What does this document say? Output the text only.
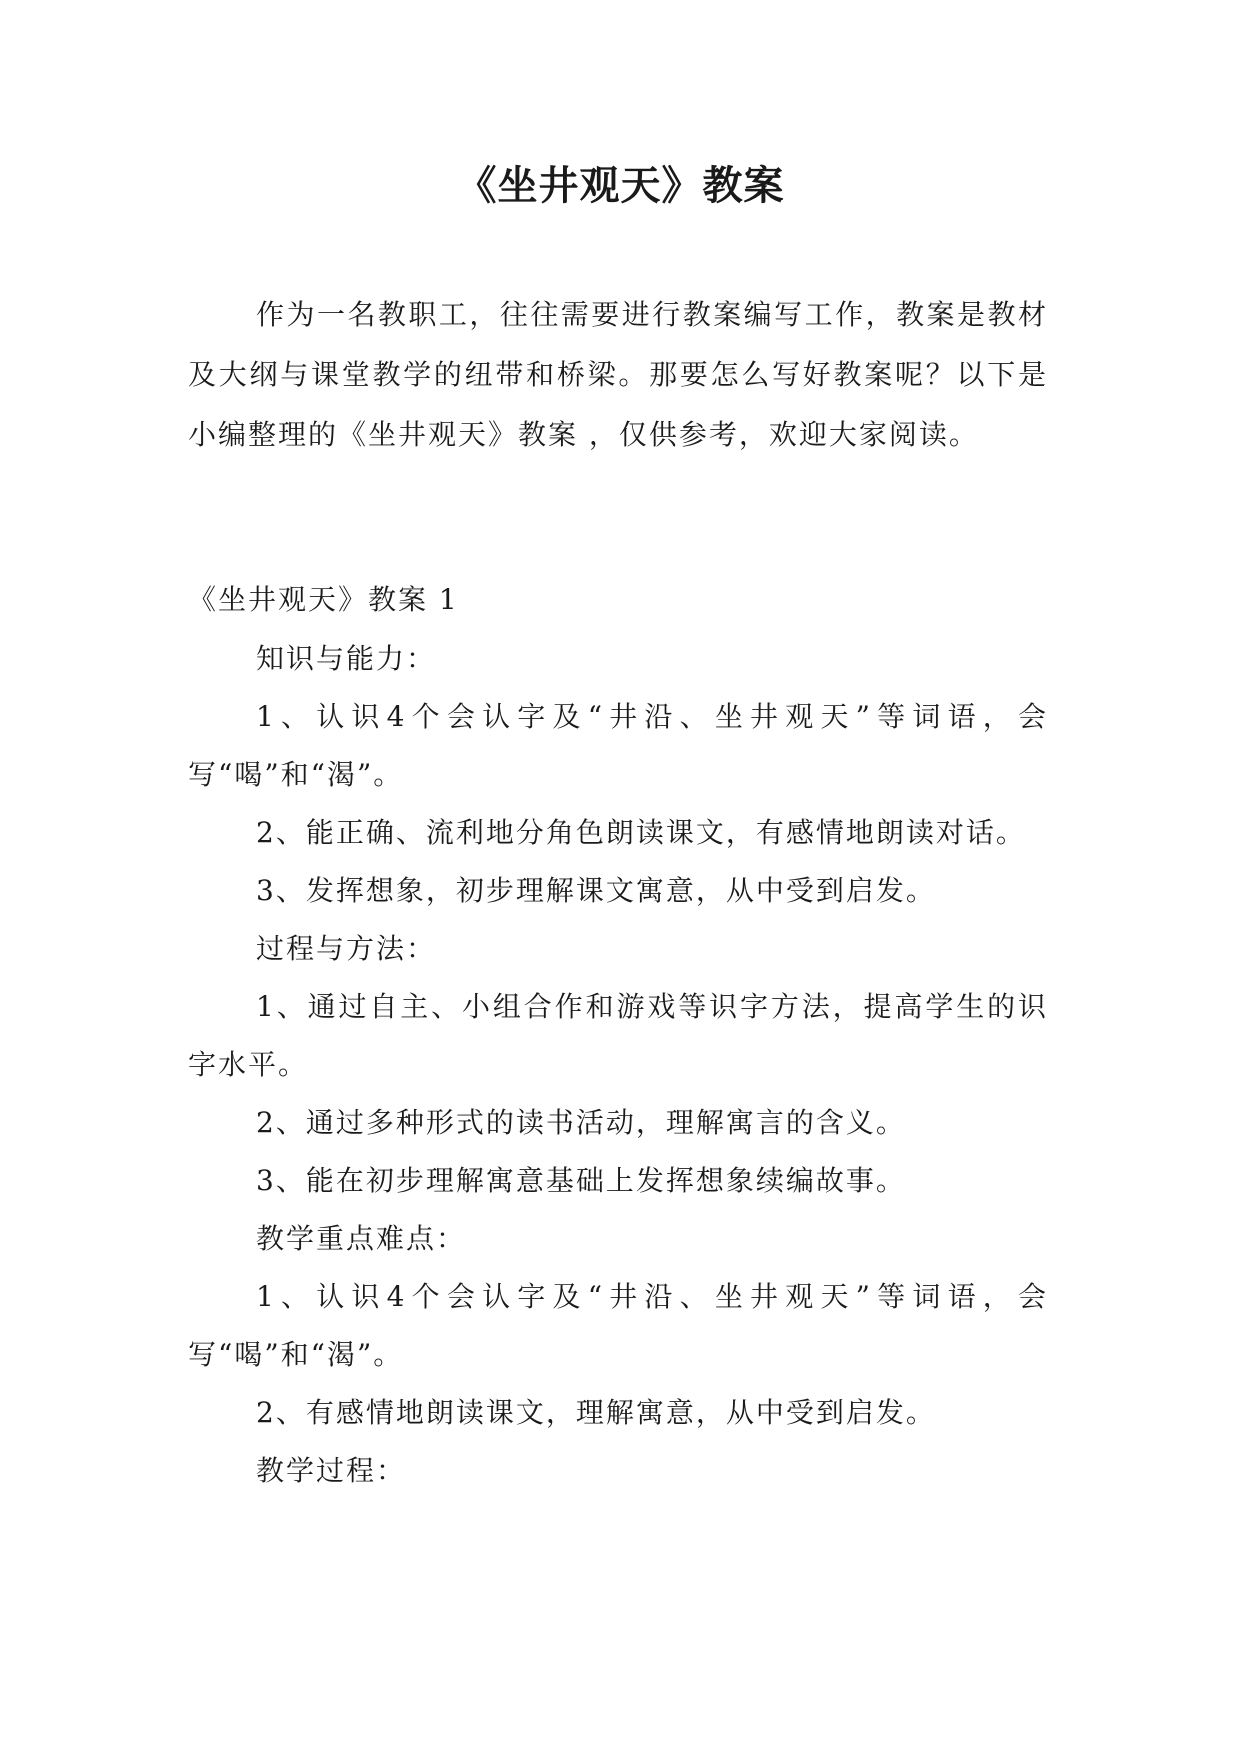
《坐井观天》教案

作为一名教职工，往往需要进行教案编写工作，教案是教材及大纲与课堂教学的纽带和桥梁。那要怎么写好教案呢？以下是小编整理的《坐井观天》教案 ，仅供参考，欢迎大家阅读。

《坐井观天》教案 1

知识与能力：

1、认识4个会认字及“井沿、坐井观天”等词语，会写“喝”和“渴”。

2、能正确、流利地分角色朗读课文，有感情地朗读对话。

3、发挥想象，初步理解课文寓意，从中受到启发。

过程与方法：

1、通过自主、小组合作和游戏等识字方法，提高学生的识字水平。

2、通过多种形式的读书活动，理解寓言的含义。

3、能在初步理解寓意基础上发挥想象续编故事。

教学重点难点：

1、认识4个会认字及“井沿、坐井观天”等词语，会写“喝”和“渴”。

2、有感情地朗读课文，理解寓意，从中受到启发。

教学过程：
